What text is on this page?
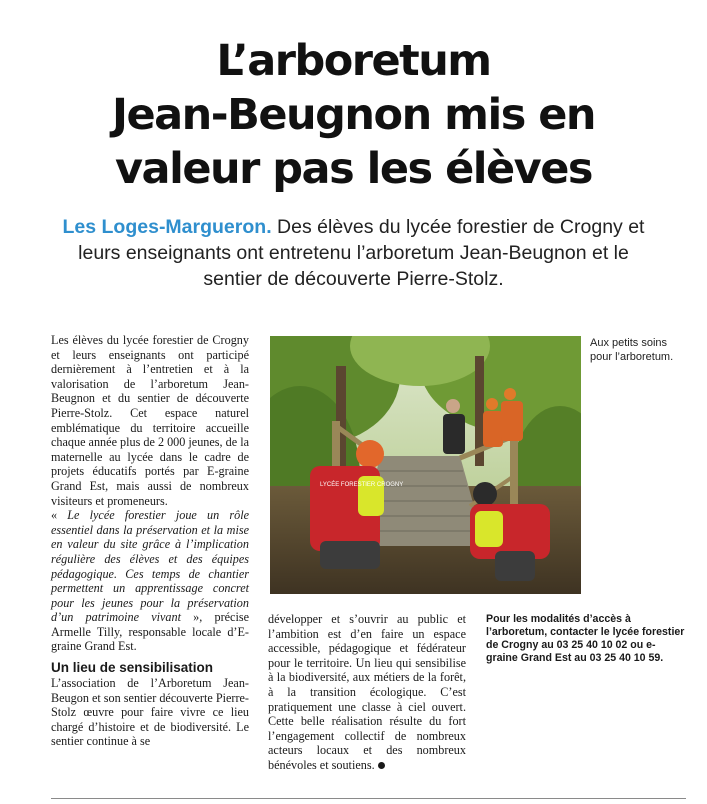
L’arboretum
Jean-Beugnon mis en
valeur pas les élèves
Les Loges-Margueron. Des élèves du lycée forestier de Crogny et leurs enseignants ont entretenu l’arboretum Jean-Beugnon et le sentier de découverte Pierre-Stolz.

Les élèves du lycée forestier de Crogny et leurs enseignants ont participé dernièrement à l’entretien et à la valorisation de l’arboretum Jean-Beugnon et du sentier de découverte Pierre-Stolz. Cet espace naturel emblématique du territoire accueille chaque année plus de 2 000 jeunes, de la maternelle au lycée dans le cadre de projets éducatifs portés par E-graine Grand Est, mais aussi de nombreux visiteurs et promeneurs.

« Le lycée forestier joue un rôle essentiel dans la préservation et la mise en valeur du site grâce à l’implication régulière des élèves et des équipes pédagogique. Ces temps de chantier permettent un apprentissage concret pour les jeunes pour la préservation d’un patrimoine vivant », précise Armelle Tilly, responsable locale d’E-graine Grand Est.

Un lieu de sensibilisation

L’association de l’Arboretum Jean-Beugon et son sentier découverte Pierre-Stolz œuvre pour faire vivre ce lieu chargé d’histoire et de biodiversité. Le sentier continue à se

LYCÉE FORESTIER CROGNY
Aux petits soins pour l’arboretum.

développer et s’ouvrir au public et l’ambition est d’en faire un espace accessible, pédagogique et fédérateur pour le territoire. Un lieu qui sensibilise à la biodiversité, aux métiers de la forêt, à la transition écologique. C’est pratiquement une classe à ciel ouvert. Cette belle réalisation résulte du fort l’engagement collectif de nombreux acteurs locaux et des nombreux bénévoles et soutiens.

Pour les modalités d’accès à l’arboretum, contacter le lycée forestier de Crogny au 03 25 40 10 02 ou e-graine Grand Est au 03 25 40 10 59.
